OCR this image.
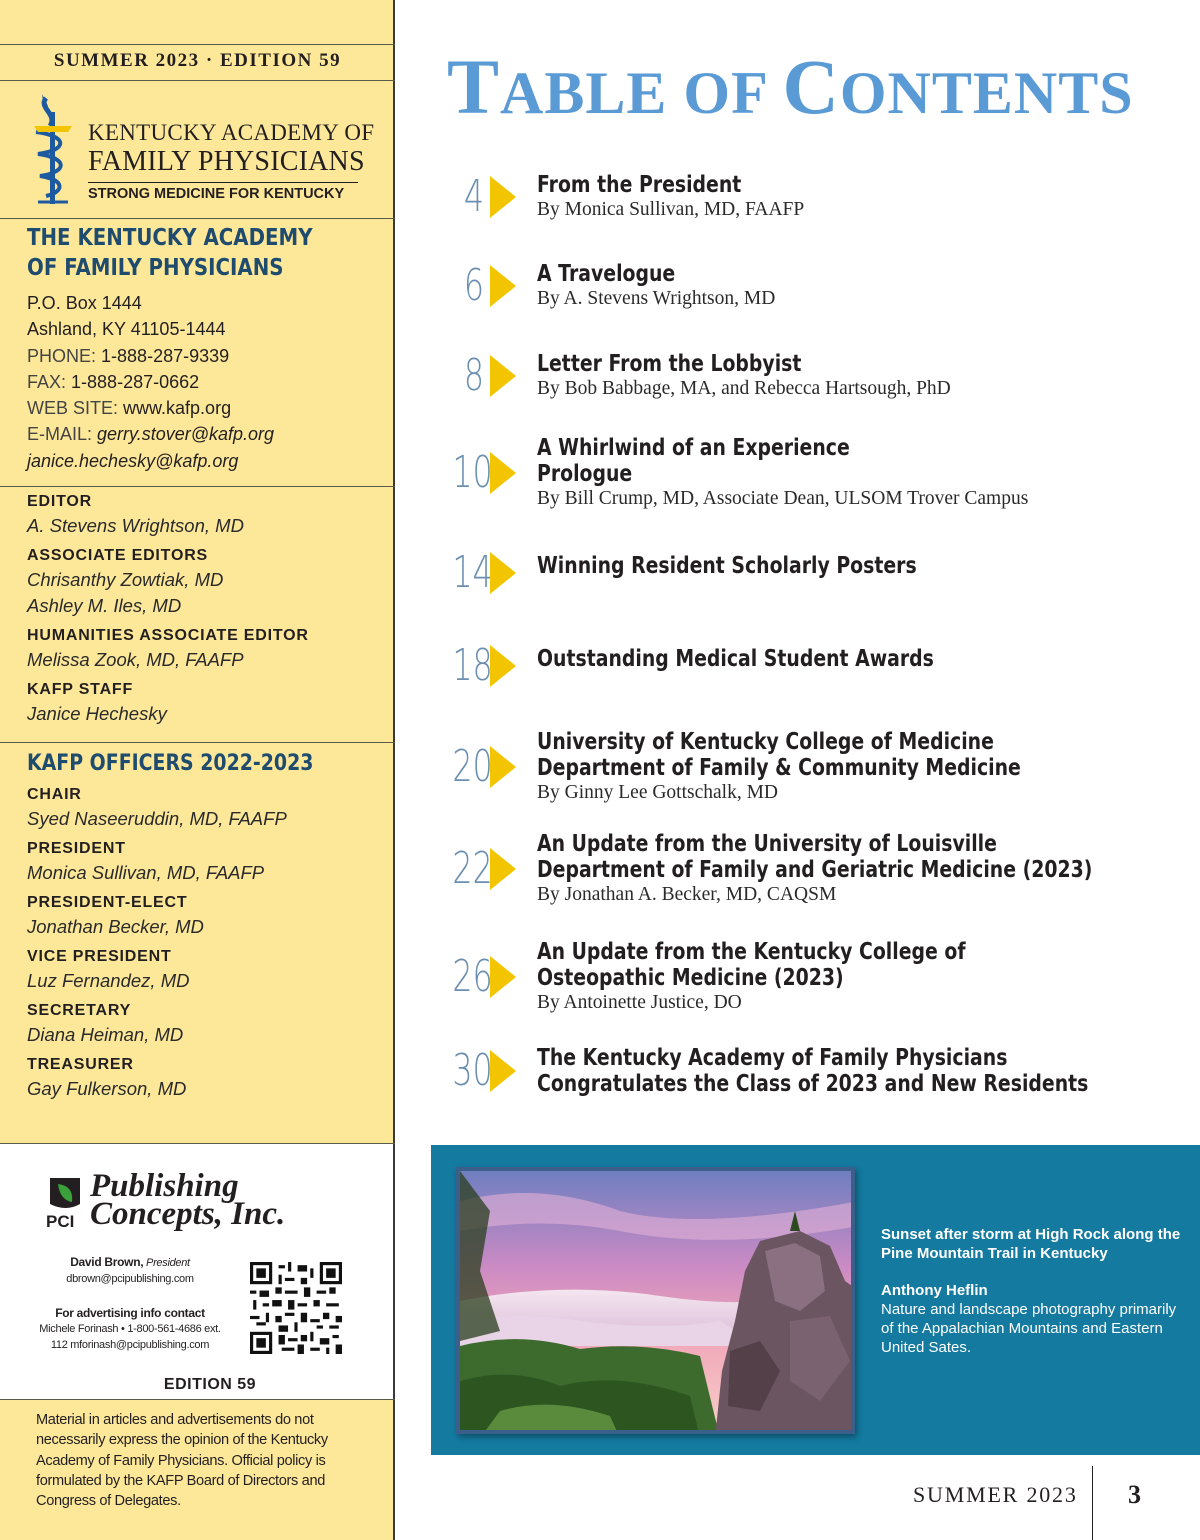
SUMMER 2023 · EDITION 59
KENTUCKY ACADEMY OF
FAMILY PHYSICIANS
STRONG MEDICINE FOR KENTUCKY
THE KENTUCKY ACADEMY
OF FAMILY PHYSICIANS
P.O. Box 1444
Ashland, KY 41105-1444
PHONE: 1-888-287-9339
FAX: 1-888-287-0662
WEB SITE: www.kafp.org
E-MAIL: gerry.stover@kafp.org
janice.hechesky@kafp.org
EDITOR
A. Stevens Wrightson, MD
ASSOCIATE EDITORS
Chrisanthy Zowtiak, MD
Ashley M. Iles, MD
HUMANITIES ASSOCIATE EDITOR
Melissa Zook, MD, FAAFP
KAFP STAFF
Janice Hechesky
KAFP OFFICERS 2022-2023
CHAIR
Syed Naseeruddin, MD, FAAFP
PRESIDENT
Monica Sullivan, MD, FAAFP
PRESIDENT-ELECT
Jonathan Becker, MD
VICE PRESIDENT
Luz Fernandez, MD
SECRETARY
Diana Heiman, MD
TREASURER
Gay Fulkerson, MD
Publishing
Concepts, Inc.
PCI
David Brown, President
dbrown@pcipublishing.com
For advertising info contact
Michele Forinash • 1-800-561-4686 ext.
112 mforinash@pcipublishing.com
EDITION 59
Material in articles and advertisements do not necessarily express the opinion of the Kentucky Academy of Family Physicians. Official policy is formulated by the KAFP Board of Directors and Congress of Delegates.
TABLE OF CONTENTS
4 From the President
By Monica Sullivan, MD, FAAFP
6 A Travelogue
By A. Stevens Wrightson, MD
8 Letter From the Lobbyist
By Bob Babbage, MA, and Rebecca Hartsough, PhD
10 A Whirlwind of an Experience
Prologue
By Bill Crump, MD, Associate Dean, ULSOM Trover Campus
14 Winning Resident Scholarly Posters
18 Outstanding Medical Student Awards
20 University of Kentucky College of Medicine
Department of Family & Community Medicine
By Ginny Lee Gottschalk, MD
22 An Update from the University of Louisville
Department of Family and Geriatric Medicine (2023)
By Jonathan A. Becker, MD, CAQSM
26 An Update from the Kentucky College of
Osteopathic Medicine (2023)
By Antoinette Justice, DO
30 The Kentucky Academy of Family Physicians
Congratulates the Class of 2023 and New Residents
Sunset after storm at High Rock along the Pine Mountain Trail in Kentucky
Anthony Heflin
Nature and landscape photography primarily of the Appalachian Mountains and Eastern United Sates.
SUMMER 2023 3
